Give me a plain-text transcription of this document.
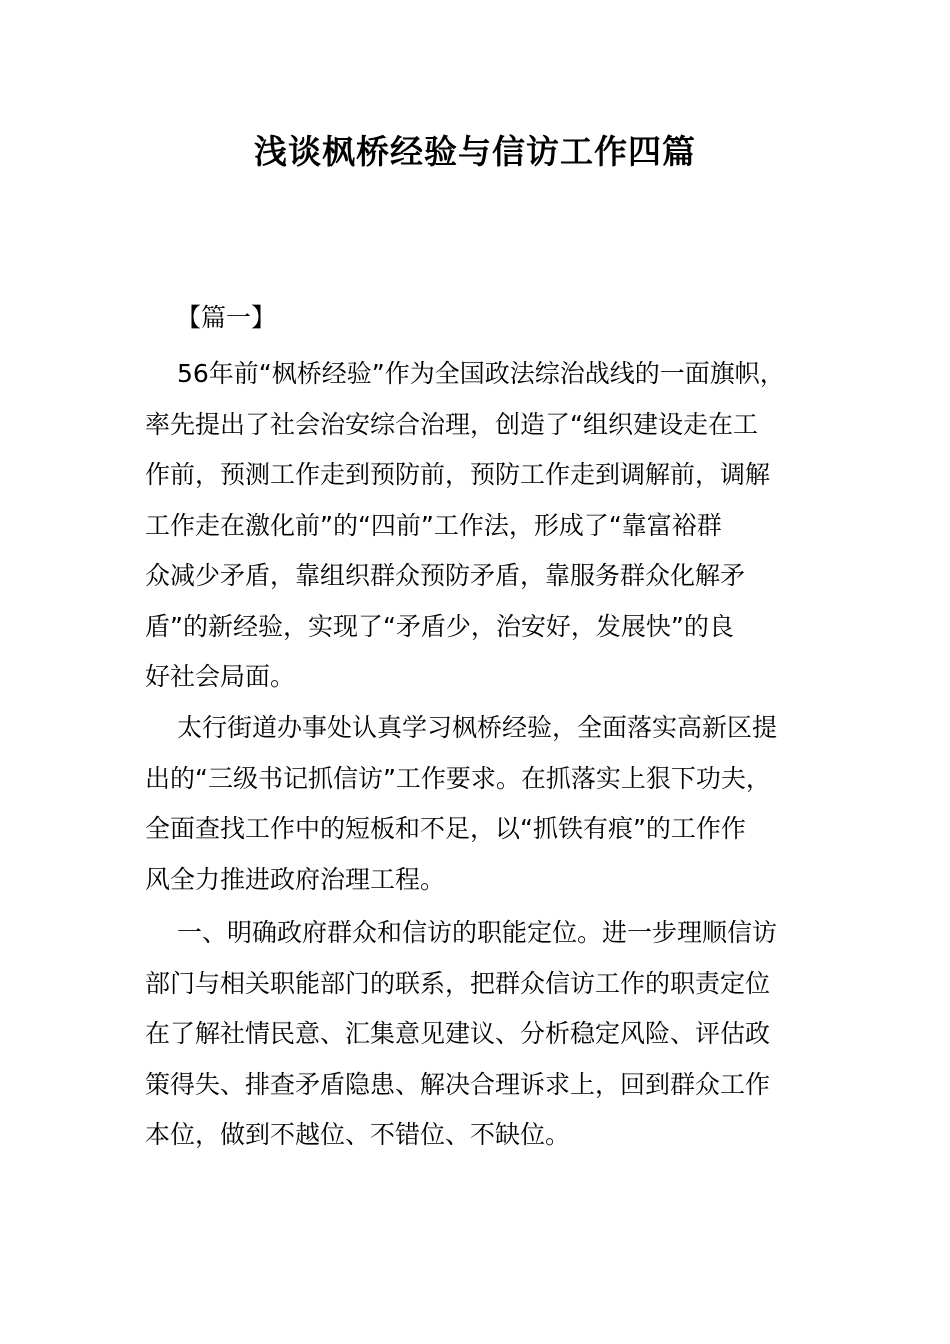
浅谈枫桥经验与信访工作四篇
【篇一】
56年前“枫桥经验”作为全国政法综治战线的一面旗帜，
率先提出了社会治安综合治理，创造了“组织建设走在工
作前，预测工作走到预防前，预防工作走到调解前，调解
工作走在激化前”的“四前”工作法，形成了“靠富裕群
众减少矛盾，靠组织群众预防矛盾，靠服务群众化解矛
盾”的新经验，实现了“矛盾少，治安好，发展快”的良
好社会局面。
太行街道办事处认真学习枫桥经验，全面落实高新区提
出的“三级书记抓信访”工作要求。在抓落实上狠下功夫，
全面查找工作中的短板和不足，以“抓铁有痕”的工作作
风全力推进政府治理工程。
一、明确政府群众和信访的职能定位。进一步理顺信访
部门与相关职能部门的联系，把群众信访工作的职责定位
在了解社情民意、汇集意见建议、分析稳定风险、评估政
策得失、排查矛盾隐患、解决合理诉求上，回到群众工作
本位，做到不越位、不错位、不缺位。
